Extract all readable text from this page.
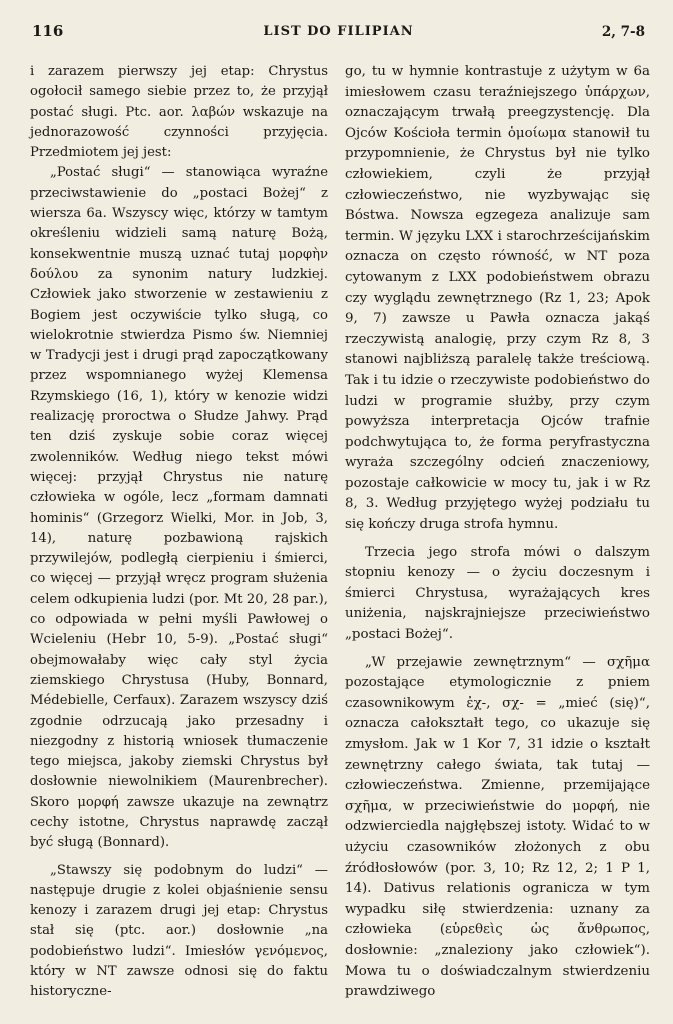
116	LIST DO FILIPIAN	2, 7-8

i zarazem pierwszy jej etap: Chrystus ogołocił samego siebie przez to, że przyjął postać sługi. Ptc. aor. λαβών wskazuje na jednorazowość czynności przyjęcia. Przedmiotem jej jest:

„Postać sługi“ — stanowiąca wyraźne przeciwstawienie do „postaci Bożej“ z wiersza 6a. Wszyscy więc, którzy w tamtym określeniu widzieli samą naturę Bożą, konsekwentnie muszą uznać tutaj μορφὴν δούλου za synonim natury ludzkiej. Człowiek jako stworzenie w zestawieniu z Bogiem jest oczywiście tylko sługą, co wielokrotnie stwierdza Pismo św. Niemniej w Tradycji jest i drugi prąd zapoczątkowany przez wspomnianego wyżej Klemensa Rzymskiego (16, 1), który w kenozie widzi realizację proroctwa o Słudze Jahwy. Prąd ten dziś zyskuje sobie coraz więcej zwolenników. Według niego tekst mówi więcej: przyjął Chrystus nie naturę człowieka w ogóle, lecz „formam damnati hominis“ (Grzegorz Wielki, Mor. in Job, 3, 14), naturę pozbawioną rajskich przywilejów, podległą cierpieniu i śmierci, co więcej — przyjął wręcz program służenia celem odkupienia ludzi (por. Mt 20, 28 par.), co odpowiada w pełni myśli Pawłowej o Wcieleniu (Hebr 10, 5-9). „Postać sługi“ obejmowałaby więc cały styl życia ziemskiego Chrystusa (Huby, Bonnard, Médebielle, Cerfaux). Zarazem wszyscy dziś zgodnie odrzucają jako przesadny i niezgodny z historią wniosek tłumaczenie tego miejsca, jakoby ziemski Chrystus był dosłownie niewolnikiem (Maurenbrecher). Skoro μορφή zawsze ukazuje na zewnątrz cechy istotne, Chrystus naprawdę zaczął być sługą (Bonnard).

„Stawszy się podobnym do ludzi“ — następuje drugie z kolei objaśnienie sensu kenozy i zarazem drugi jej etap: Chrystus stał się (ptc. aor.) dosłownie „na podobieństwo ludzi“. Imiesłów γενόμενος, który w NT zawsze odnosi się do faktu historyczne-

go, tu w hymnie kontrastuje z użytym w 6a imiesłowem czasu teraźniejszego ὑπάρχων, oznaczającym trwałą preegzystencję. Dla Ojców Kościoła termin ὁμοίωμα stanowił tu przypomnienie, że Chrystus był nie tylko człowiekiem, czyli że przyjął człowieczeństwo, nie wyzbywając się Bóstwa. Nowsza egzegeza analizuje sam termin. W języku LXX i starochrześcijańskim oznacza on często równość, w NT poza cytowanym z LXX podobieństwem obrazu czy wyglądu zewnętrznego (Rz 1, 23; Apok 9, 7) zawsze u Pawła oznacza jakąś rzeczywistą analogię, przy czym Rz 8, 3 stanowi najbliższą paralelę także treściową. Tak i tu idzie o rzeczywiste podobieństwo do ludzi w programie służby, przy czym powyższa interpretacja Ojców trafnie podchwytująca to, że forma peryfrastyczna wyraża szczególny odcień znaczeniowy, pozostaje całkowicie w mocy tu, jak i w Rz 8, 3. Według przyjętego wyżej podziału tu się kończy druga strofa hymnu.

Trzecia jego strofa mówi o dalszym stopniu kenozy — o życiu doczesnym i śmierci Chrystusa, wyrażających kres uniżenia, najskrajniejsze przeciwieństwo „postaci Bożej“.

„W przejawie zewnętrznym“ — σχῆμα pozostające etymologicznie z pniem czasownikowym ἐχ-, σχ- = „mieć (się)“, oznacza całokształt tego, co ukazuje się zmysłom. Jak w 1 Kor 7, 31 idzie o kształt zewnętrzny całego świata, tak tutaj — człowieczeństwa. Zmienne, przemijające σχῆμα, w przeciwieństwie do μορφή, nie odzwierciedla najgłębszej istoty. Widać to w użyciu czasowników złożonych z obu źródłosłowów (por. 3, 10; Rz 12, 2; 1 P 1, 14). Dativus relationis ogranicza w tym wypadku siłę stwierdzenia: uznany za człowieka (εὑρεθεὶς ὡς ἄνθρωπος, dosłownie: „znaleziony jako człowiek“). Mowa tu o doświadczalnym stwierdzeniu prawdziwego
